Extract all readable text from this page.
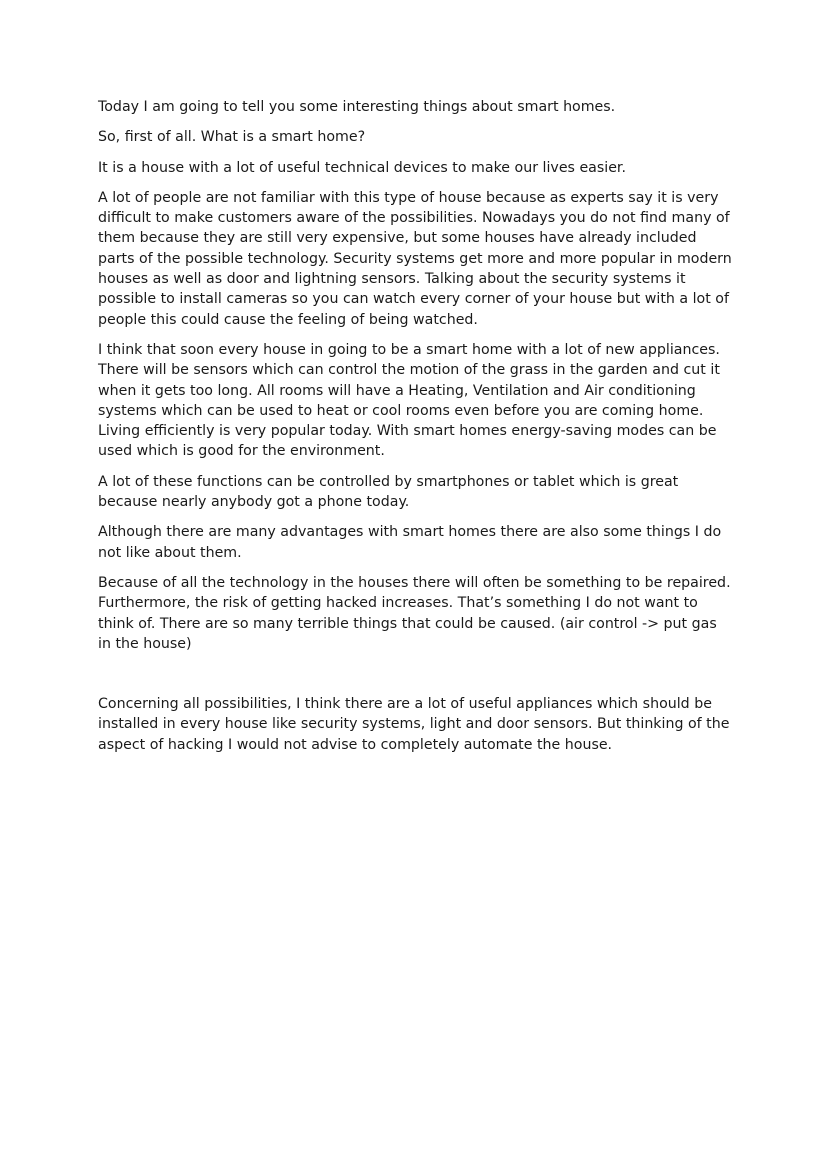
Today I am going to tell you some interesting things about smart homes.

So, first of all. What is a smart home?

It is a house with a lot of useful technical devices to make our lives easier.

A lot of people are not familiar with this type of house because as experts say it is very difficult to make customers aware of the possibilities. Nowadays you do not find many of them because they are still very expensive, but some houses have already included parts of the possible technology. Security systems get more and more popular in modern houses as well as door and lightning sensors. Talking about the security systems it possible to install cameras so you can watch every corner of your house but with a lot of people this could cause the feeling of being watched.

I think that soon every house in going to be a smart home with a lot of new appliances. There will be sensors which can control the motion of the grass in the garden and cut it when it gets too long. All rooms will have a Heating, Ventilation and Air conditioning systems which can be used to heat or cool rooms even before you are coming home. Living efficiently is very popular today. With smart homes energy-saving modes can be used which is good for the environment.

A lot of these functions can be controlled by smartphones or tablet which is great because nearly anybody got a phone today.

Although there are many advantages with smart homes there are also some things I do not like about them.

Because of all the technology in the houses there will often be something to be repaired. Furthermore, the risk of getting hacked increases. That’s something I do not want to think of. There are so many terrible things that could be caused. (air control -> put gas in the house)

Concerning all possibilities, I think there are a lot of useful appliances which should be installed in every house like security systems, light and door sensors. But thinking of the aspect of hacking I would not advise to completely automate the house.
